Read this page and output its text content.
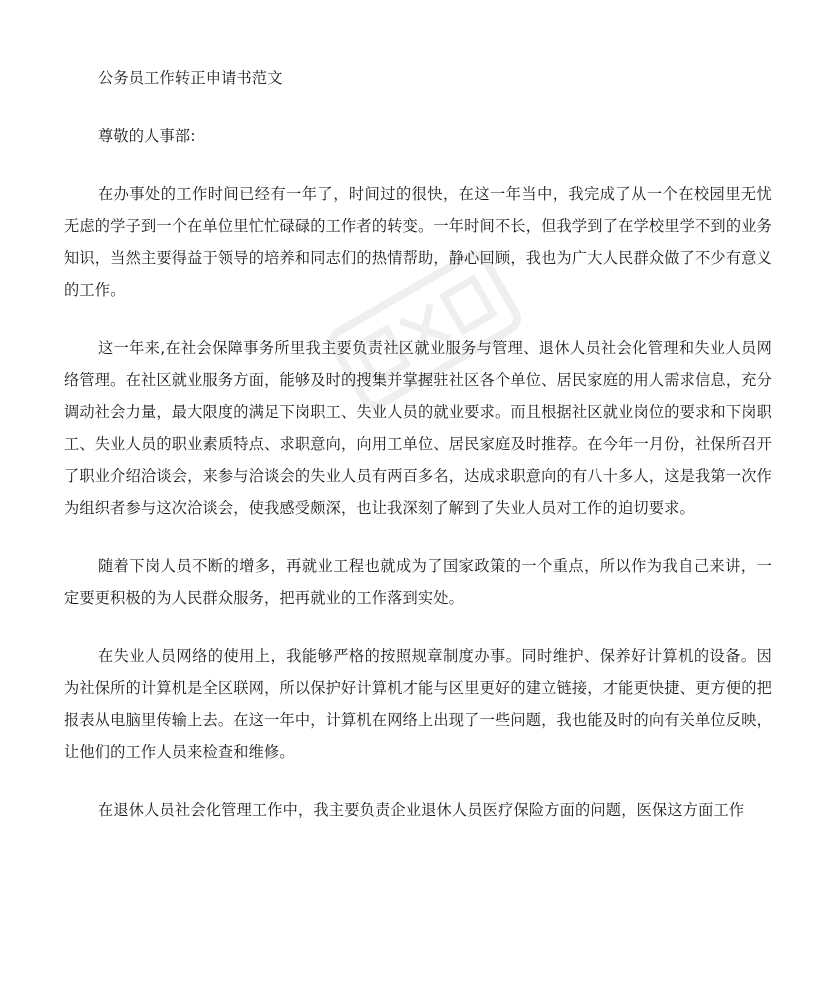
公务员工作转正申请书范文

尊敬的人事部:

在办事处的工作时间已经有一年了，时间过的很快，在这一年当中，我完成了从一个在校园里无忧无虑的学子到一个在单位里忙忙碌碌的工作者的转变。一年时间不长，但我学到了在学校里学不到的业务知识，当然主要得益于领导的培养和同志们的热情帮助，静心回顾，我也为广大人民群众做了不少有意义的工作。

这一年来,在社会保障事务所里我主要负责社区就业服务与管理、退休人员社会化管理和失业人员网络管理。在社区就业服务方面，能够及时的搜集并掌握驻社区各个单位、居民家庭的用人需求信息，充分调动社会力量，最大限度的满足下岗职工、失业人员的就业要求。而且根据社区就业岗位的要求和下岗职工、失业人员的职业素质特点、求职意向，向用工单位、居民家庭及时推荐。在今年一月份，社保所召开了职业介绍洽谈会，来参与洽谈会的失业人员有两百多名，达成求职意向的有八十多人，这是我第一次作为组织者参与这次洽谈会，使我感受颇深，也让我深刻了解到了失业人员对工作的迫切要求。

随着下岗人员不断的增多，再就业工程也就成为了国家政策的一个重点，所以作为我自己来讲，一定要更积极的为人民群众服务，把再就业的工作落到实处。

在失业人员网络的使用上，我能够严格的按照规章制度办事。同时维护、保养好计算机的设备。因为社保所的计算机是全区联网，所以保护好计算机才能与区里更好的建立链接，才能更快捷、更方便的把报表从电脑里传输上去。在这一年中，计算机在网络上出现了一些问题，我也能及时的向有关单位反映，让他们的工作人员来检查和维修。

在退休人员社会化管理工作中，我主要负责企业退休人员医疗保险方面的问题，医保这方面工作
